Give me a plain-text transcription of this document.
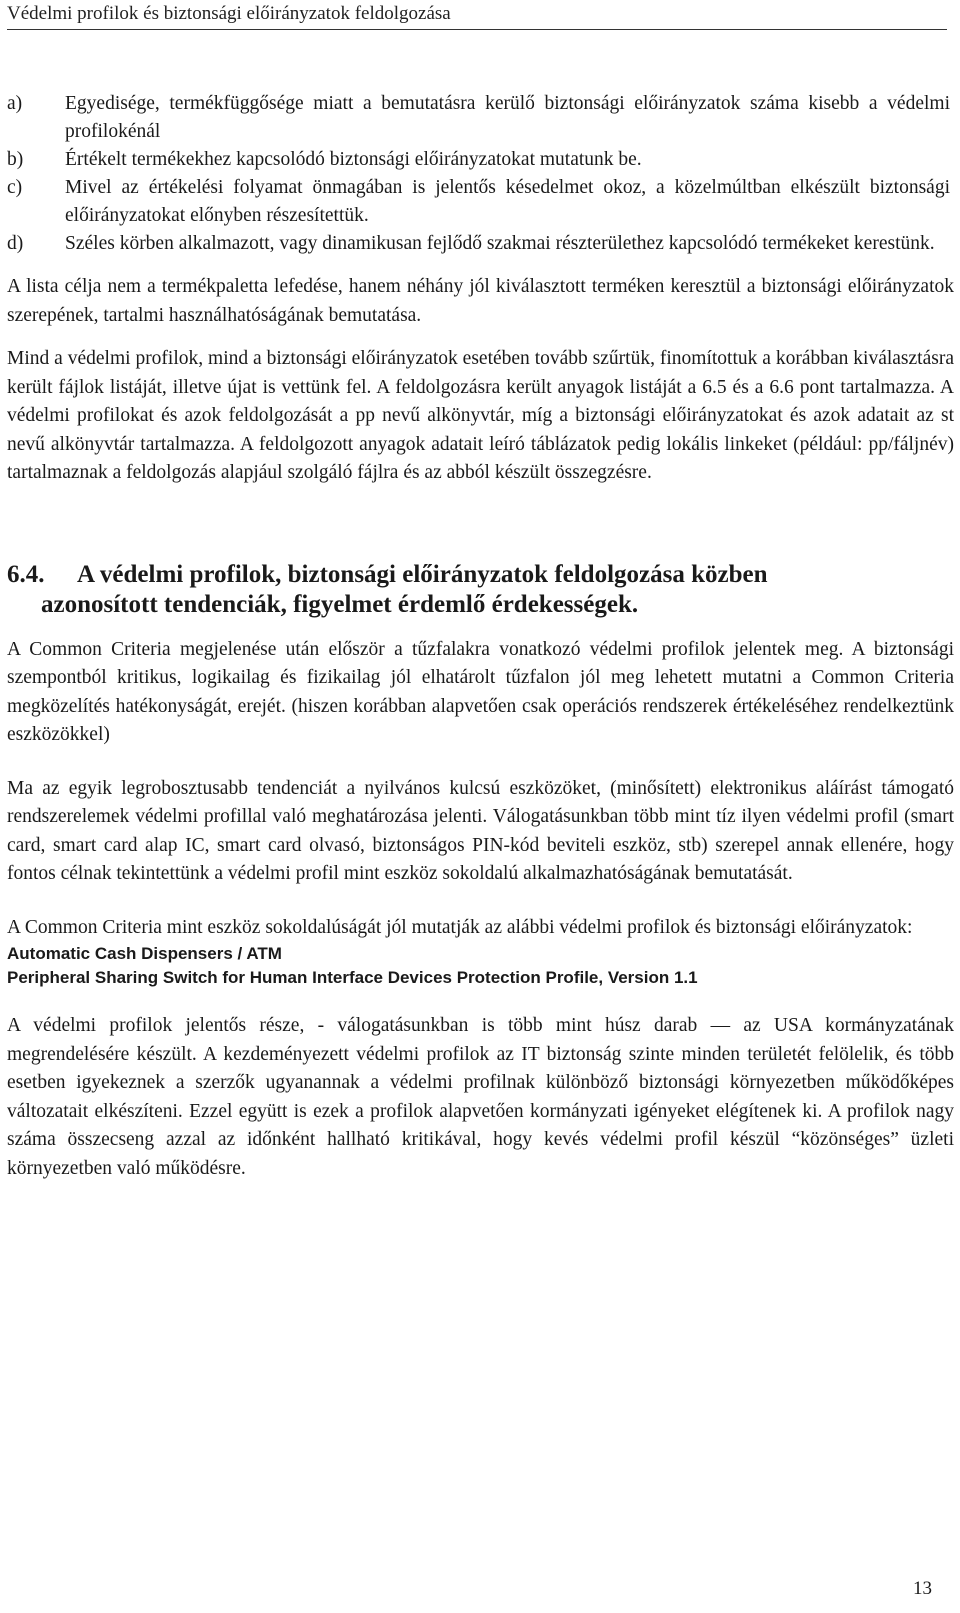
Védelmi profilok és biztonsági előirányzatok feldolgozása
a)	Egyedisége, termékfüggősége miatt a bemutatásra kerülő biztonsági előirányzatok száma kisebb a védelmi profilokénál
b)	Értékelt termékekhez kapcsolódó biztonsági előirányzatokat mutatunk be.
c)	Mivel az értékelési folyamat önmagában is jelentős késedelmet okoz, a közelmúltban elkészült biztonsági előirányzatokat előnyben részesítettük.
d)	Széles körben alkalmazott, vagy dinamikusan fejlődő szakmai részterülethez kapcsolódó termékeket kerestünk.

A lista célja nem a termékpaletta lefedése, hanem néhány jól kiválasztott terméken keresztül a biztonsági előirányzatok szerepének, tartalmi használhatóságának bemutatása.

Mind a védelmi profilok, mind a biztonsági előirányzatok esetében tovább szűrtük, finomítottuk a korábban kiválasztásra került fájlok listáját, illetve újat is vettünk fel. A feldolgozásra került anyagok listáját a 6.5 és a 6.6 pont tartalmazza. A védelmi profilokat és azok feldolgozását a pp nevű alkönyvtár, míg a biztonsági előirányzatokat és azok adatait az st nevű alkönyvtár tartalmazza. A feldolgozott anyagok adatait leíró táblázatok pedig lokális linkeket (például: pp/fáljnév) tartalmaznak a feldolgozás alapjául szolgáló fájlra és az abból készült összegzésre.

6.4.	A védelmi profilok, biztonsági előirányzatok feldolgozása közben
azonosított tendenciák, figyelmet érdemlő érdekességek.

A Common Criteria megjelenése után először a tűzfalakra vonatkozó védelmi profilok jelentek meg. A biztonsági szempontból kritikus, logikailag és fizikailag jól elhatárolt tűzfalon jól meg lehetett mutatni a Common Criteria megközelítés hatékonyságát, erejét. (hiszen korábban alapvetően csak operációs rendszerek értékeléséhez rendelkeztünk eszközökkel)

Ma az egyik legrobosztusabb tendenciát a nyilvános kulcsú eszközöket, (minősített) elektronikus aláírást támogató rendszerelemek védelmi profillal való meghatározása jelenti. Válogatásunkban több mint tíz ilyen védelmi profil (smart card, smart card alap IC, smart card olvasó, biztonságos PIN-kód beviteli eszköz, stb) szerepel annak ellenére, hogy fontos célnak tekintettünk a védelmi profil mint eszköz sokoldalú alkalmazhatóságának bemutatását.

A Common Criteria mint eszköz sokoldalúságát jól mutatják az alábbi védelmi profilok és biztonsági előirányzatok:

Automatic Cash Dispensers / ATM
Peripheral Sharing Switch for Human Interface Devices Protection Profile, Version 1.1

A védelmi profilok jelentős része, - válogatásunkban is több mint húsz darab — az USA kormányzatának megrendelésére készült. A kezdeményezett védelmi profilok az IT biztonság szinte minden területét felölelik, és több esetben igyekeznek a szerzők ugyanannak a védelmi profilnak különböző biztonsági környezetben működőképes változatait elkészíteni. Ezzel együtt is ezek a profilok alapvetően kormányzati igényeket elégítenek ki. A profilok nagy száma összecseng azzal az időnként hallható kritikával, hogy kevés védelmi profil készül “közönséges” üzleti környezetben való működésre.

13
